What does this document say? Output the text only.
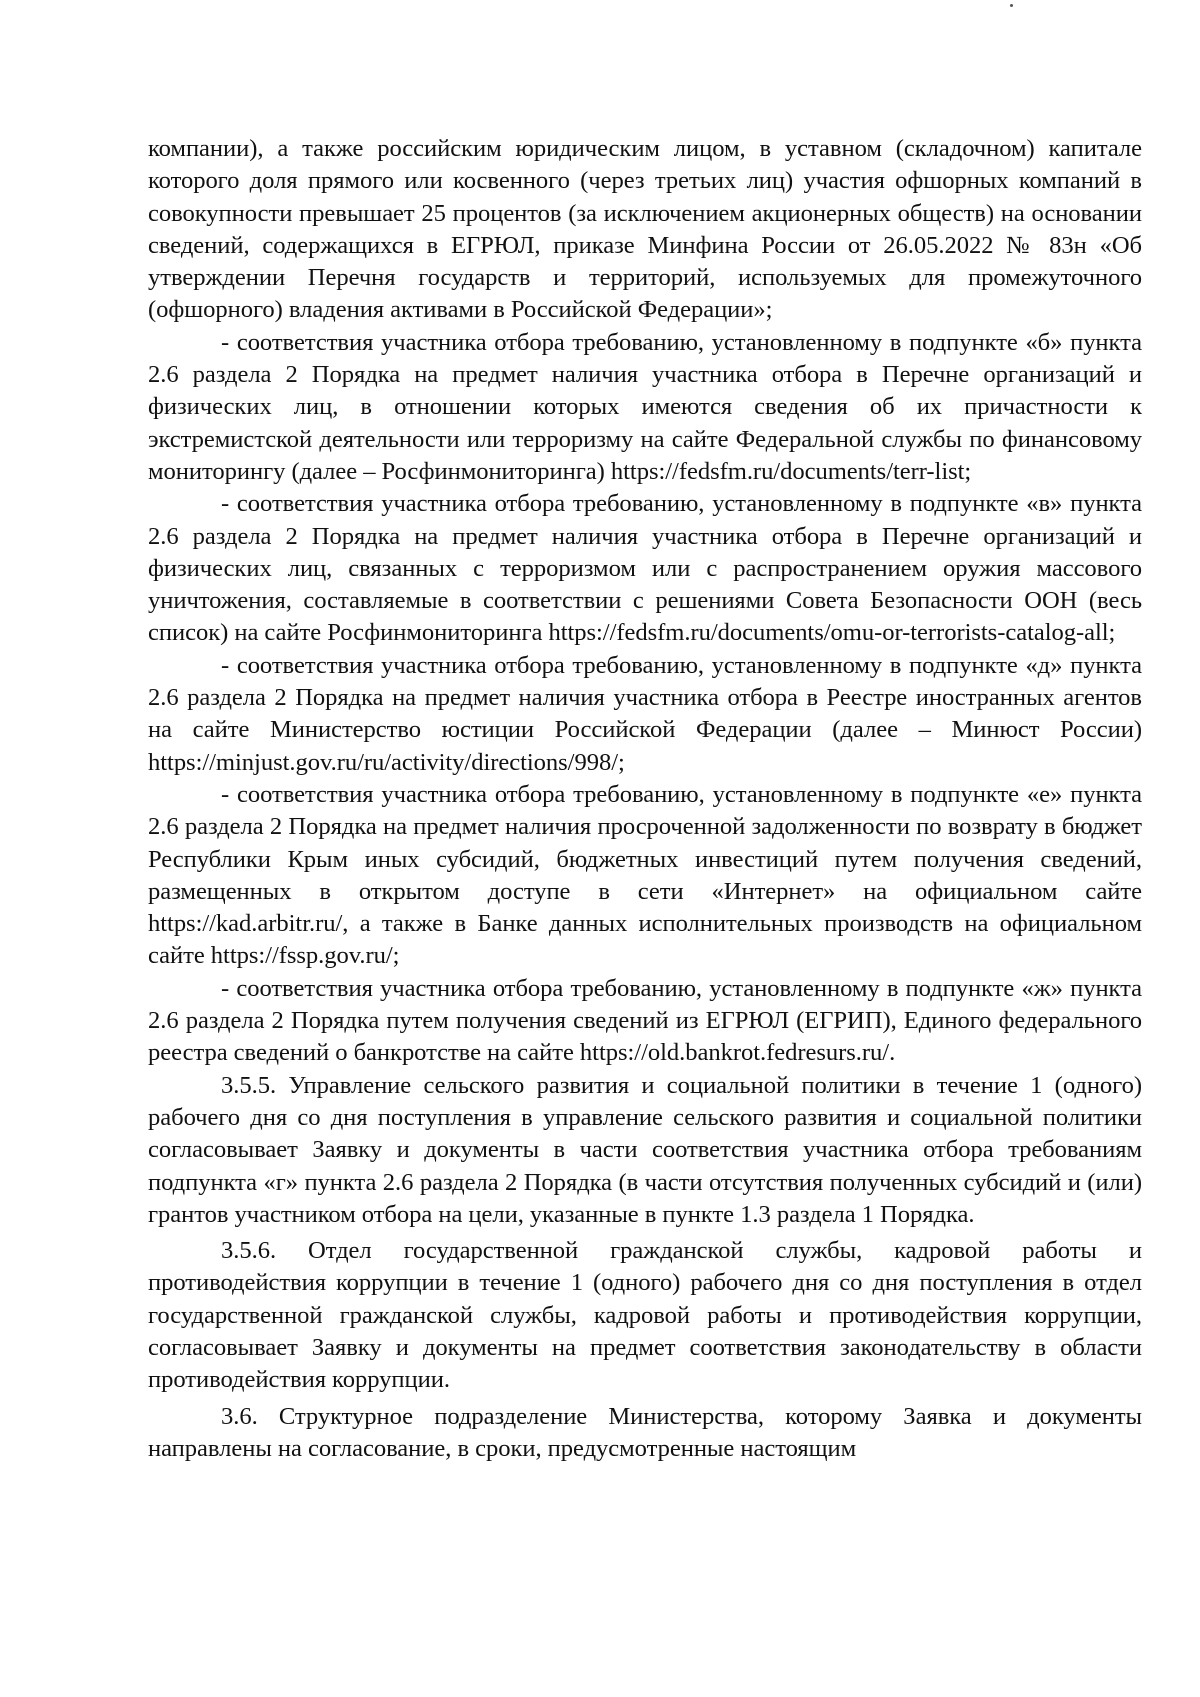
компании), а также российским юридическим лицом, в уставном (складочном) капитале которого доля прямого или косвенного (через третьих лиц) участия офшорных компаний в совокупности превышает 25 процентов (за исключением акционерных обществ) на основании сведений, содержащихся в ЕГРЮЛ, приказе Минфина России от 26.05.2022 № 83н «Об утверждении Перечня государств и территорий, используемых для промежуточного (офшорного) владения активами в Российской Федерации»;

- соответствия участника отбора требованию, установленному в подпункте «б» пункта 2.6 раздела 2 Порядка на предмет наличия участника отбора в Перечне организаций и физических лиц, в отношении которых имеются сведения об их причастности к экстремистской деятельности или терроризму на сайте Федеральной службы по финансовому мониторингу (далее – Росфинмониторинга) https://fedsfm.ru/documents/terr-list;

- соответствия участника отбора требованию, установленному в подпункте «в» пункта 2.6 раздела 2 Порядка на предмет наличия участника отбора в Перечне организаций и физических лиц, связанных с терроризмом или с распространением оружия массового уничтожения, составляемые в соответствии с решениями Совета Безопасности ООН (весь список) на сайте Росфинмониторинга https://fedsfm.ru/documents/omu-or-terrorists-catalog-all;

- соответствия участника отбора требованию, установленному в подпункте «д» пункта 2.6 раздела 2 Порядка на предмет наличия участника отбора в Реестре иностранных агентов на сайте Министерство юстиции Российской Федерации (далее – Минюст России) https://minjust.gov.ru/ru/activity/directions/998/;

- соответствия участника отбора требованию, установленному в подпункте «е» пункта 2.6 раздела 2 Порядка на предмет наличия просроченной задолженности по возврату в бюджет Республики Крым иных субсидий, бюджетных инвестиций путем получения сведений, размещенных в открытом доступе в сети «Интернет» на официальном сайте https://kad.arbitr.ru/, а также в Банке данных исполнительных производств на официальном сайте https://fssp.gov.ru/;

- соответствия участника отбора требованию, установленному в подпункте «ж» пункта 2.6 раздела 2 Порядка путем получения сведений из ЕГРЮЛ (ЕГРИП), Единого федерального реестра сведений о банкротстве на сайте https://old.bankrot.fedresurs.ru/.

3.5.5. Управление сельского развития и социальной политики в течение 1 (одного) рабочего дня со дня поступления в управление сельского развития и социальной политики согласовывает Заявку и документы в части соответствия участника отбора требованиям подпункта «г» пункта 2.6 раздела 2 Порядка (в части отсутствия полученных субсидий и (или) грантов участником отбора на цели, указанные в пункте 1.3 раздела 1 Порядка.

3.5.6. Отдел государственной гражданской службы, кадровой работы и противодействия коррупции в течение 1 (одного) рабочего дня со дня поступления в отдел государственной гражданской службы, кадровой работы и противодействия коррупции, согласовывает Заявку и документы на предмет соответствия законодательству в области противодействия коррупции.

3.6. Структурное подразделение Министерства, которому Заявка и документы направлены на согласование, в сроки, предусмотренные настоящим
